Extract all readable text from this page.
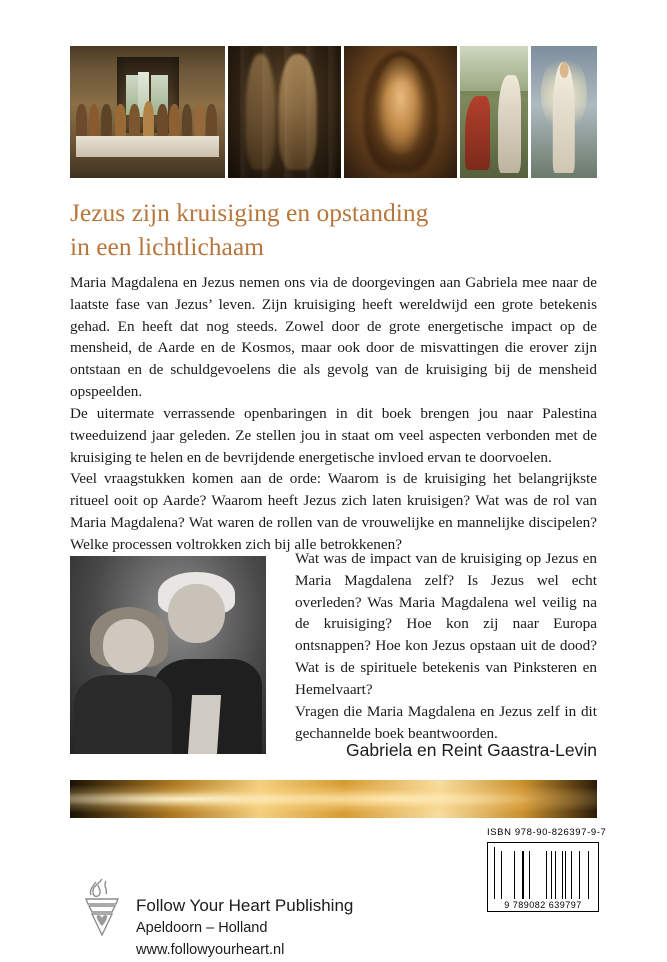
Jezus zijn kruisiging en opstanding
in een lichtlichaam

Maria Magdalena en Jezus nemen ons via de doorgevingen aan Gabriela mee naar de laatste fase van Jezus’ leven. Zijn kruisiging heeft wereldwijd een grote betekenis gehad. En heeft dat nog steeds. Zowel door de grote energetische impact op de mensheid, de Aarde en de Kosmos, maar ook door de misvattingen die erover zijn ontstaan en de schuldgevoelens die als gevolg van de kruisiging bij de mensheid opspeelden.

De uitermate verrassende openbaringen in dit boek brengen jou naar Palestina tweeduizend jaar geleden. Ze stellen jou in staat om veel aspecten verbonden met de kruisiging te helen en de bevrijdende energetische invloed ervan te doorvoelen.

Veel vraagstukken komen aan de orde: Waarom is de kruisiging het belangrijkste ritueel ooit op Aarde? Waarom heeft Jezus zich laten kruisigen? Wat was de rol van Maria Magdalena? Wat waren de rollen van de vrouwelijke en mannelijke discipelen? Welke processen voltrokken zich bij alle betrokkenen?

Wat was de impact van de kruisiging op Jezus en Maria Magdalena zelf? Is Jezus wel echt overleden? Was Maria Magdalena wel veilig na de kruisiging? Hoe kon zij naar Europa ontsnappen? Hoe kon Jezus opstaan uit de dood? Wat is de spirituele betekenis van Pinksteren en Hemelvaart?

Vragen die Maria Magdalena en Jezus zelf in dit gechannelde boek beantwoorden.

Gabriela en Reint Gaastra-Levin
Follow Your Heart Publishing
Apeldoorn – Holland
www.followyourheart.nl
ISBN 978-90-826397-9-7
9 789082 639797
